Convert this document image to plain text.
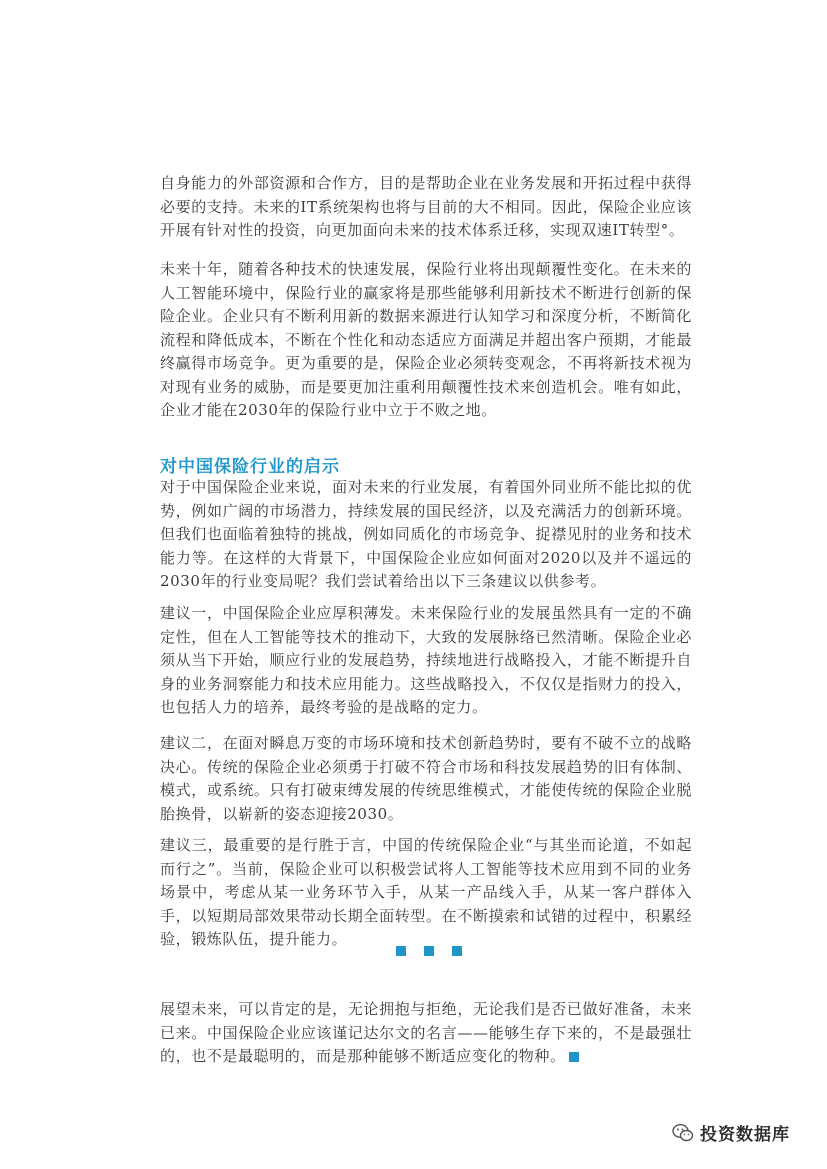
自身能力的外部资源和合作方，目的是帮助企业在业务发展和开拓过程中获得必要的支持。未来的IT系统架构也将与目前的大不相同。因此，保险企业应该开展有针对性的投资，向更加面向未来的技术体系迁移，实现双速IT转型°。

未来十年，随着各种技术的快速发展，保险行业将出现颠覆性变化。在未来的人工智能环境中，保险行业的赢家将是那些能够利用新技术不断进行创新的保险企业。企业只有不断利用新的数据来源进行认知学习和深度分析，不断简化流程和降低成本，不断在个性化和动态适应方面满足并超出客户预期，才能最终赢得市场竞争。更为重要的是，保险企业必须转变观念，不再将新技术视为对现有业务的威胁，而是要更加注重利用颠覆性技术来创造机会。唯有如此，企业才能在2030年的保险行业中立于不败之地。

对中国保险行业的启示

对于中国保险企业来说，面对未来的行业发展，有着国外同业所不能比拟的优势，例如广阔的市场潜力，持续发展的国民经济，以及充满活力的创新环境。但我们也面临着独特的挑战，例如同质化的市场竞争、捉襟见肘的业务和技术能力等。在这样的大背景下，中国保险企业应如何面对2020以及并不遥远的2030年的行业变局呢？我们尝试着给出以下三条建议以供参考。

建议一，中国保险企业应厚积薄发。未来保险行业的发展虽然具有一定的不确定性，但在人工智能等技术的推动下，大致的发展脉络已然清晰。保险企业必须从当下开始，顺应行业的发展趋势，持续地进行战略投入，才能不断提升自身的业务洞察能力和技术应用能力。这些战略投入，不仅仅是指财力的投入，也包括人力的培养，最终考验的是战略的定力。

建议二，在面对瞬息万变的市场环境和技术创新趋势时，要有不破不立的战略决心。传统的保险企业必须勇于打破不符合市场和科技发展趋势的旧有体制、模式，或系统。只有打破束缚发展的传统思维模式，才能使传统的保险企业脱胎换骨，以崭新的姿态迎接2030。

建议三，最重要的是行胜于言，中国的传统保险企业“与其坐而论道，不如起而行之”。当前，保险企业可以积极尝试将人工智能等技术应用到不同的业务场景中，考虑从某一业务环节入手，从某一产品线入手，从某一客户群体入手，以短期局部效果带动长期全面转型。在不断摸索和试错的过程中，积累经验，锻炼队伍，提升能力。

展望未来，可以肯定的是，无论拥抱与拒绝，无论我们是否已做好准备，未来已来。中国保险企业应该谨记达尔文的名言——能够生存下来的，不是最强壮的，也不是最聪明的，而是那种能够不断适应变化的物种。

投资数据库
